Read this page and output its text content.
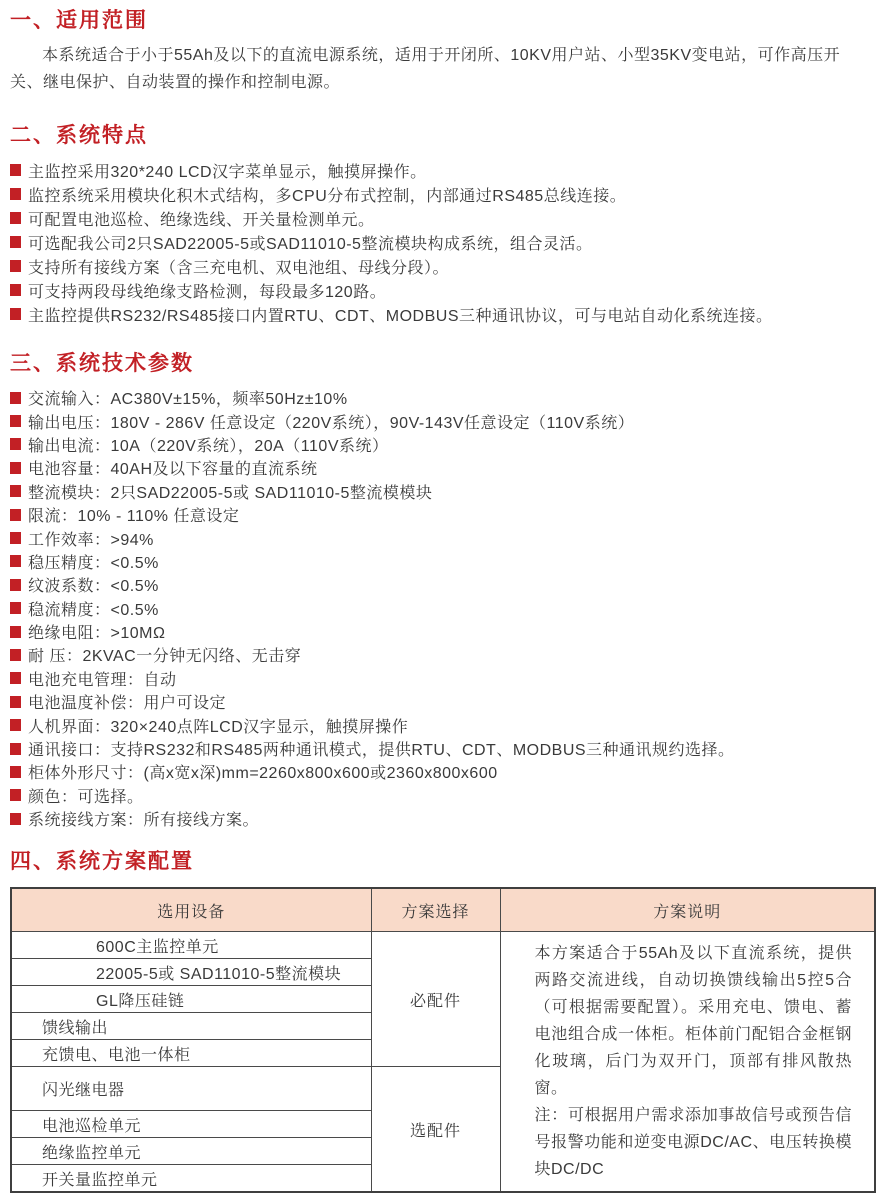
一、适用范围

本系统适合于小于55Ah及以下的直流电源系统，适用于开闭所、10KV用户站、小型35KV变电站，可作高压开关、继电保护、自动装置的操作和控制电源。

二、系统特点
主监控采用320*240 LCD汉字菜单显示，触摸屏操作。
监控系统采用模块化积木式结构，多CPU分布式控制，内部通过RS485总线连接。
可配置电池巡检、绝缘选线、开关量检测单元。
可选配我公司2只SAD22005-5或SAD11010-5整流模块构成系统，组合灵活。
支持所有接线方案（含三充电机、双电池组、母线分段）。
可支持两段母线绝缘支路检测，每段最多120路。
主监控提供RS232/RS485接口内置RTU、CDT、MODBUS三种通讯协议，可与电站自动化系统连接。
三、系统技术参数
交流输入：AC380V±15%，频率50Hz±10%
输出电压：180V - 286V 任意设定（220V系统），90V-143V任意设定（110V系统）
输出电流：10A（220V系统），20A（110V系统）
电池容量：40AH及以下容量的直流系统
整流模块：2只SAD22005-5或 SAD11010-5整流模模块
限流：10% - 110% 任意设定
工作效率：>94%
稳压精度：<0.5%
纹波系数：<0.5%
稳流精度：<0.5%
绝缘电阻：>10MΩ
耐 压：2KVAC一分钟无闪络、无击穿
电池充电管理：自动
电池温度补偿：用户可设定
人机界面：320×240点阵LCD汉字显示，触摸屏操作
通讯接口：支持RS232和RS485两种通讯模式，提供RTU、CDT、MODBUS三种通讯规约选择。
柜体外形尺寸：(高x宽x深)mm=2260x800x600或2360x800x600
颜色：可选择。
系统接线方案：所有接线方案。
四、系统方案配置
选用设备	方案选择	方案说明
600C主监控单元	必配件	本方案适合于55Ah及以下直流系统，提供两路交流进线，自动切换馈线输出5控5合（可根据需要配置）。采用充电、馈电、蓄电池组合成一体柜。柜体前门配铝合金框钢化玻璃，后门为双开门，顶部有排风散热窗。

注：可根据用户需求添加事故信号或预告信号报警功能和逆变电源DC/AC、电压转换模块DC/DC

22005-5或 SAD11010-5整流模块		
GL降压硅链		
馈线输出		
充馈电、电池一体柜		
闪光继电器	选配件	
电池巡检单元		
绝缘监控单元		
开关量监控单元		
